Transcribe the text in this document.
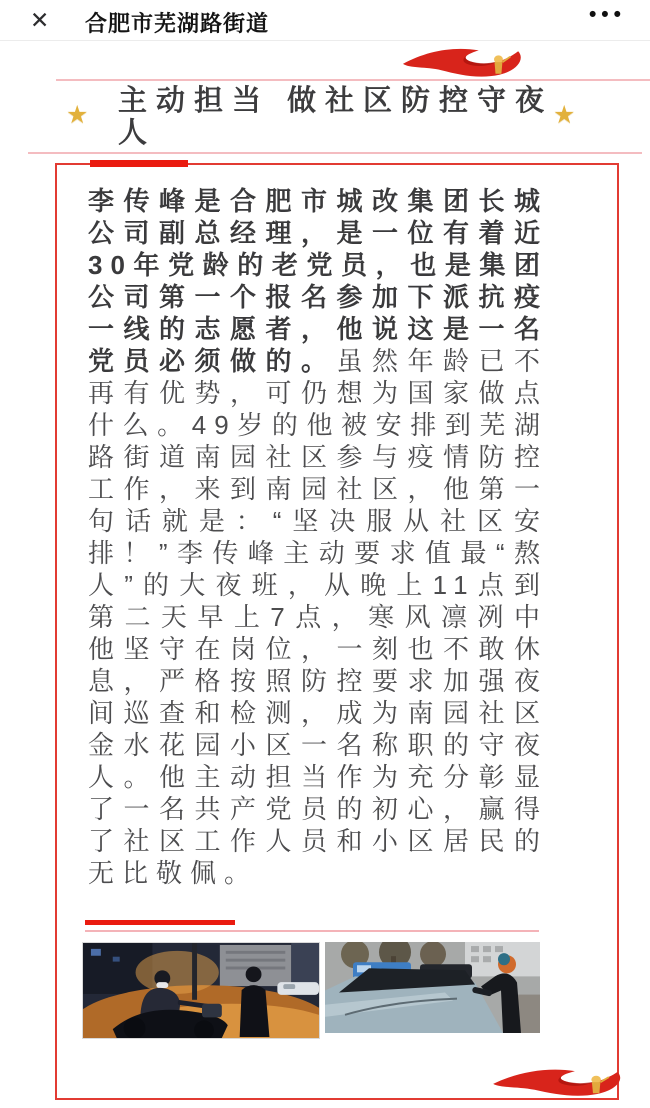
✕ 合肥市芜湖路街道	•••
★ 主动担当 做社区防控守夜人
★

李传峰是合肥市城改集团长城公司副总经理，是一位有着近30年党龄的老党员，也是集团公司第一个报名参加下派抗疫一线的志愿者，他说这是一名党员必须做的。虽然年龄已不再有优势，可仍想为国家做点什么。49岁的他被安排到芜湖路街道南园社区参与疫情防控工作，来到南园社区，他第一句话就是：“坚决服从社区安排！”李传峰主动要求值最“熬人”的大夜班，从晚上11点到第二天早上7点，寒风凛冽中他坚守在岗位，一刻也不敢休息，严格按照防控要求加强夜间巡查和检测，成为南园社区金水花园小区一名称职的守夜人。他主动担当作为充分彰显了一名共产党员的初心，赢得了社区工作人员和小区居民的无比敬佩。
